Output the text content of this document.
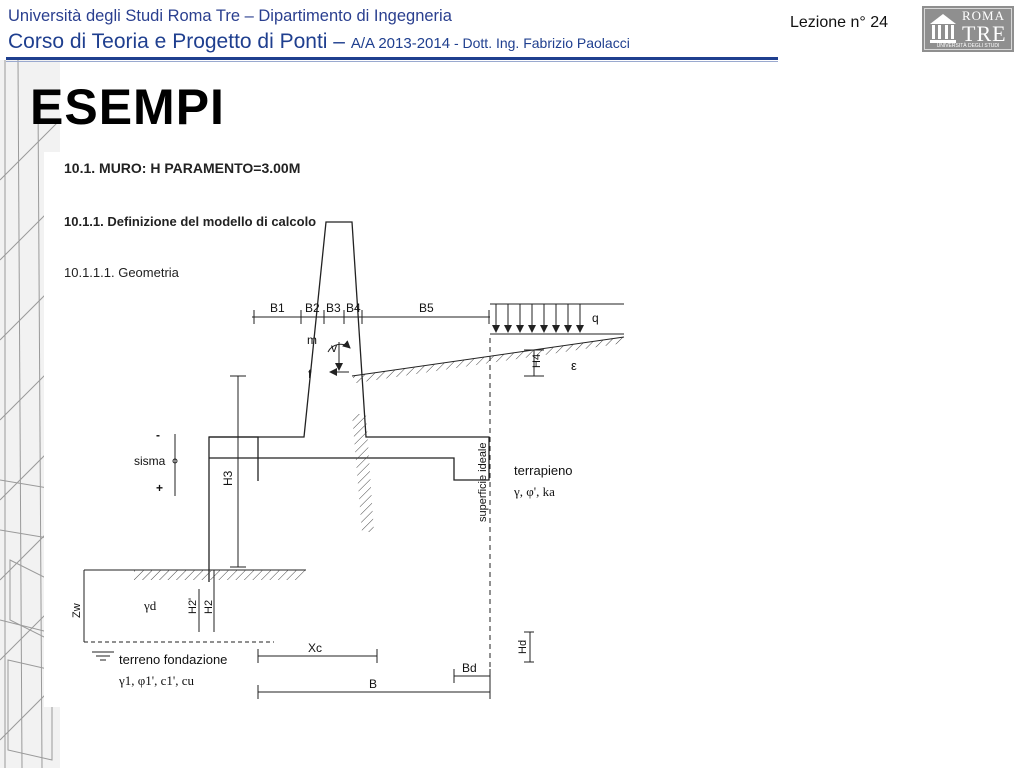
Università degli Studi Roma Tre – Dipartimento di Ingegneria
Corso di Teoria e Progetto di Ponti – A/A 2013-2014 - Dott. Ing. Fabrizio Paolacci
Lezione n° 24	ROMA
TRE
UNIVERSITÀ DEGLI STUDI
ESEMPI
10.1. MURO: H PARAMENTO=3.00M
10.1.1. Definizione del modello di calcolo
10.1.1.1. Geometria
B1 B2 B3 B4	B5
q
m
v
f
H4 ε
H3
-
sisma
+	superficie ideale terrapieno
γ, φ', ka
Zw	γd	H2' H2
terreno fondazione
γ1, φ1', c1', cu
Hd
Xc
Bd
B
